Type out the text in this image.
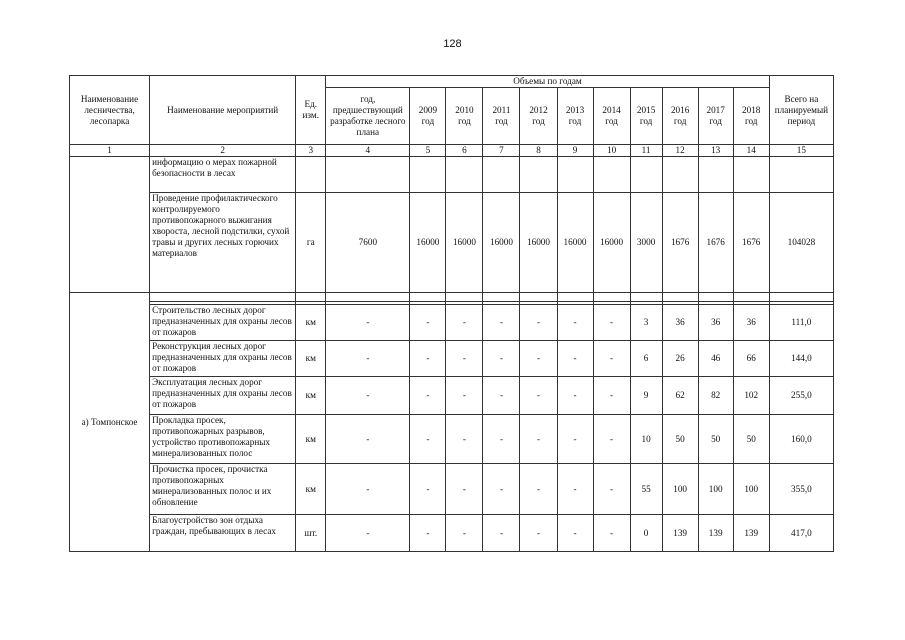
128
Наименование лесничества, лесопарка	Наименование мероприятий	Ед. изм.	Объемы по годам											Всего на планируемый период
			год, предшествующий разработке лесного плана	2009 год	2010 год	2011 год	2012 год	2013 год	2014 год	2015 год	2016 год	2017 год	2018 год	
1	2	3	4	5	6	7	8	9	10	11	12	13	14	15
	информацию о мерах пожарной безопасности в лесах													
	Проведение профилактического контролируемого противопожарного выжигания хвороста, лесной подстилки, сухой травы и других лесных горючих материалов	га	7600	16000	16000	16000	16000	16000	16000	3000	1676	1676	1676	104028
а) Томпонское														

	Строительство лесных дорог предназначенных для охраны лесов от пожаров	км	-	-	-	-	-	-	-	3	36	36	36	111,0
	Реконструкция лесных дорог предназначенных для охраны лесов от пожаров	км	-	-	-	-	-	-	-	6	26	46	66	144,0
	Эксплуатация лесных дорог предназначенных для охраны лесов от пожаров	км	-	-	-	-	-	-	-	9	62	82	102	255,0
	Прокладка просек, противопожарных разрывов, устройство противопожарных минерализованных полос	км	-	-	-	-	-	-	-	10	50	50	50	160,0
	Прочистка просек, прочистка противопожарных минерализованных полос и их обновление	км	-	-	-	-	-	-	-	55	100	100	100	355,0
	Благоустройство зон отдыха граждан, пребывающих в лесах	шт.	-	-	-	-	-	-	-	0	139	139	139	417,0
